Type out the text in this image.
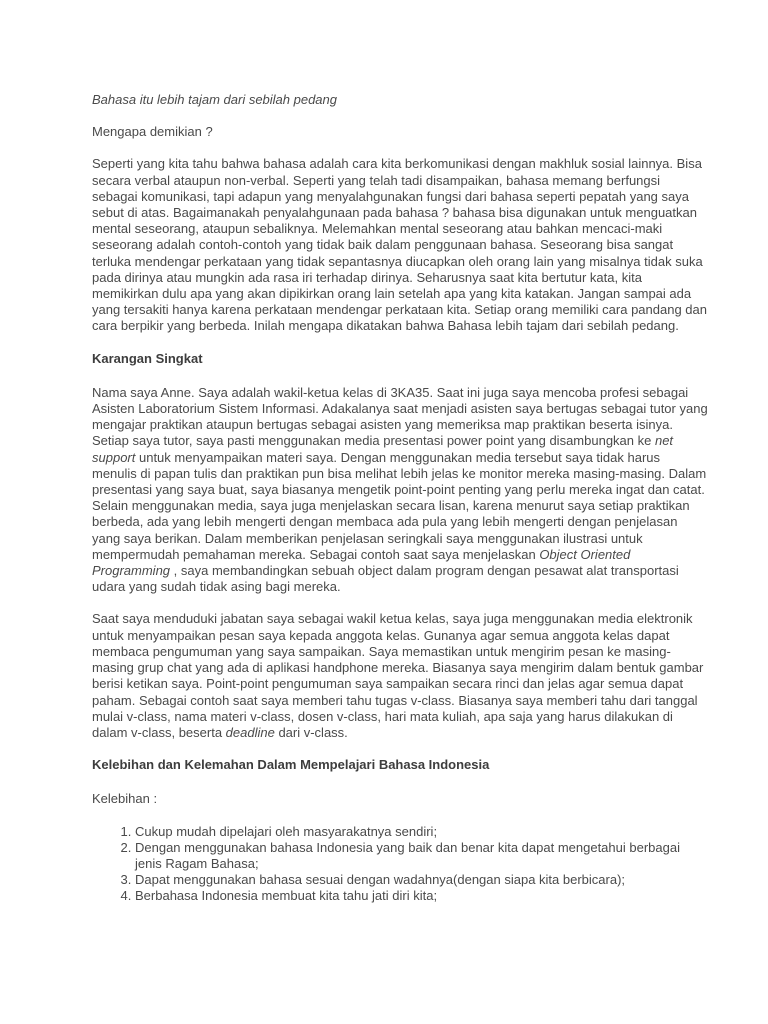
Bahasa itu lebih tajam dari sebilah pedang

Mengapa demikian ?

Seperti yang kita tahu bahwa bahasa adalah cara kita berkomunikasi dengan makhluk sosial lainnya. Bisa secara verbal ataupun non-verbal. Seperti yang telah tadi disampaikan, bahasa memang berfungsi sebagai komunikasi, tapi adapun yang menyalahgunakan fungsi dari bahasa seperti pepatah yang saya sebut di atas. Bagaimanakah penyalahgunaan pada bahasa ? bahasa bisa digunakan untuk menguatkan mental seseorang, ataupun sebaliknya. Melemahkan mental seseorang atau bahkan mencaci-maki seseorang adalah contoh-contoh yang tidak baik dalam penggunaan bahasa. Seseorang bisa sangat terluka mendengar perkataan yang tidak sepantasnya diucapkan oleh orang lain yang misalnya tidak suka pada dirinya atau mungkin ada rasa iri terhadap dirinya. Seharusnya saat kita bertutur kata, kita memikirkan dulu apa yang akan dipikirkan orang lain setelah apa yang kita katakan. Jangan sampai ada yang tersakiti hanya karena perkataan mendengar perkataan kita. Setiap orang memiliki cara pandang dan cara berpikir yang berbeda. Inilah mengapa dikatakan bahwa Bahasa lebih tajam dari sebilah pedang.

Karangan Singkat

Nama saya Anne. Saya adalah wakil-ketua kelas di 3KA35. Saat ini juga saya mencoba profesi sebagai Asisten Laboratorium Sistem Informasi. Adakalanya saat menjadi asisten saya bertugas sebagai tutor yang mengajar praktikan ataupun bertugas sebagai asisten yang memeriksa map praktikan beserta isinya. Setiap saya tutor, saya pasti menggunakan media presentasi power point yang disambungkan ke net support untuk menyampaikan materi saya. Dengan menggunakan media tersebut saya tidak harus menulis di papan tulis dan praktikan pun bisa melihat lebih jelas ke monitor mereka masing-masing. Dalam presentasi yang saya buat, saya biasanya mengetik point-point penting yang perlu mereka ingat dan catat. Selain menggunakan media, saya juga menjelaskan secara lisan, karena menurut saya setiap praktikan berbeda, ada yang lebih mengerti dengan membaca ada pula yang lebih mengerti dengan penjelasan yang saya berikan. Dalam memberikan penjelasan seringkali saya menggunakan ilustrasi untuk mempermudah pemahaman mereka. Sebagai contoh saat saya menjelaskan Object Oriented Programming , saya membandingkan sebuah object dalam program dengan pesawat alat transportasi udara yang sudah tidak asing bagi mereka.

Saat saya menduduki jabatan saya sebagai wakil ketua kelas, saya juga menggunakan media elektronik untuk menyampaikan pesan saya kepada anggota kelas. Gunanya agar semua anggota kelas dapat membaca pengumuman yang saya sampaikan. Saya memastikan untuk mengirim pesan ke masing-masing grup chat yang ada di aplikasi handphone mereka. Biasanya saya mengirim dalam bentuk gambar berisi ketikan saya. Point-point pengumuman saya sampaikan secara rinci dan jelas agar semua dapat paham. Sebagai contoh saat saya memberi tahu tugas v-class. Biasanya saya memberi tahu dari tanggal mulai v-class, nama materi v-class, dosen v-class, hari mata kuliah, apa saja yang harus dilakukan di dalam v-class, beserta deadline dari v-class.

Kelebihan dan Kelemahan Dalam Mempelajari Bahasa Indonesia

Kelebihan :

1. Cukup mudah dipelajari oleh masyarakatnya sendiri;
2. Dengan menggunakan bahasa Indonesia yang baik dan benar kita dapat mengetahui berbagai jenis Ragam Bahasa;
3. Dapat menggunakan bahasa sesuai dengan wadahnya(dengan siapa kita berbicara);
4. Berbahasa Indonesia membuat kita tahu jati diri kita;
